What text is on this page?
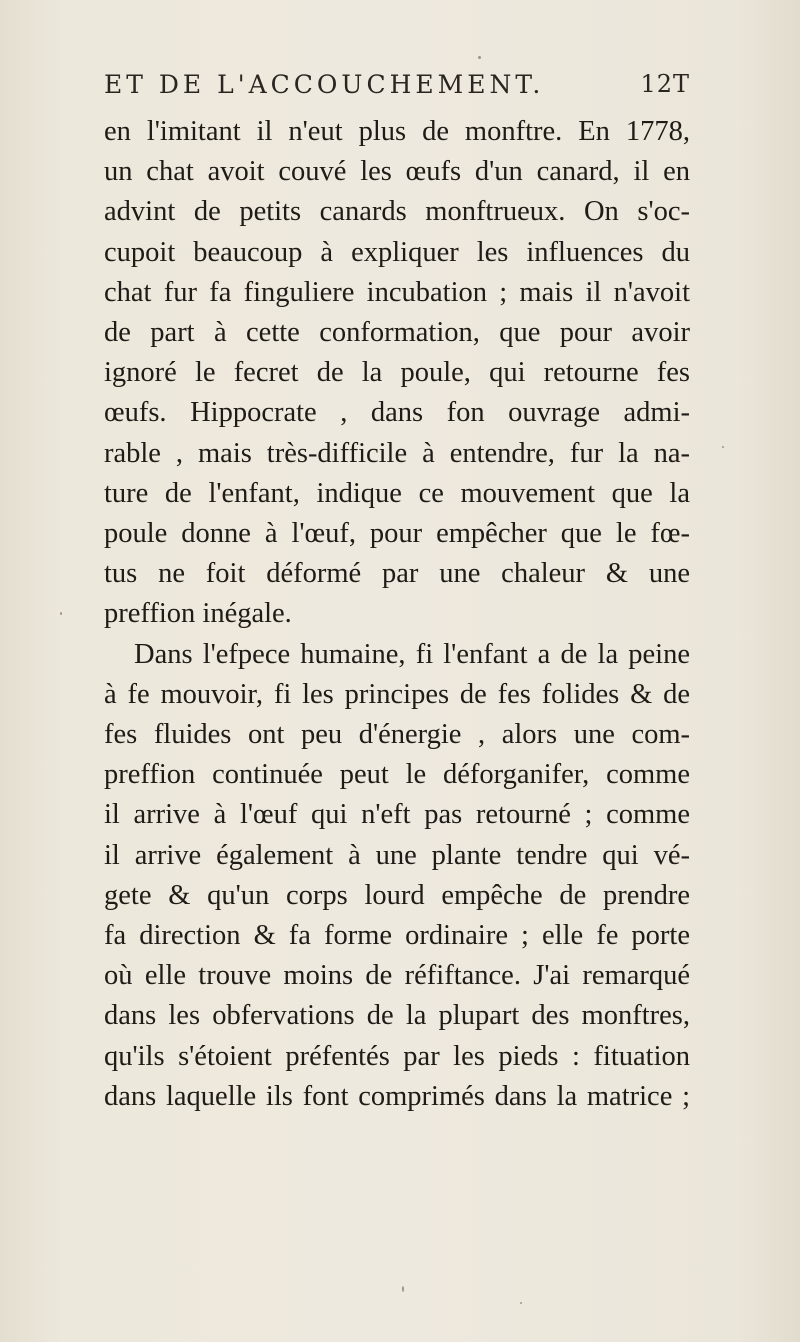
ET DE L'ACCOUCHEMENT.	12T
en l'imitant il n'eut plus de monftre. En 1778,
un chat avoit couvé les œufs d'un canard, il en
advint de petits canards monftrueux. On s'oc-
cupoit beaucoup à expliquer les influences du
chat fur fa finguliere incubation ; mais il n'avoit
de part à cette conformation, que pour avoir
ignoré le fecret de la poule, qui retourne fes
œufs. Hippocrate , dans fon ouvrage admi-
rable , mais très-difficile à entendre, fur la na-
ture de l'enfant, indique ce mouvement que la
poule donne à l'œuf, pour empêcher que le fœ-
tus ne foit déformé par une chaleur & une
preffion inégale.
Dans l'efpece humaine, fi l'enfant a de la peine
à fe mouvoir, fi les principes de fes folides & de
fes fluides ont peu d'énergie , alors une com-
preffion continuée peut le déforganifer, comme
il arrive à l'œuf qui n'eft pas retourné ; comme
il arrive également à une plante tendre qui vé-
gete & qu'un corps lourd empêche de prendre
fa direction & fa forme ordinaire ; elle fe porte
où elle trouve moins de réfiftance. J'ai remarqué
dans les obfervations de la plupart des monftres,
qu'ils s'étoient préfentés par les pieds : fituation
dans laquelle ils font comprimés dans la matrice ;
